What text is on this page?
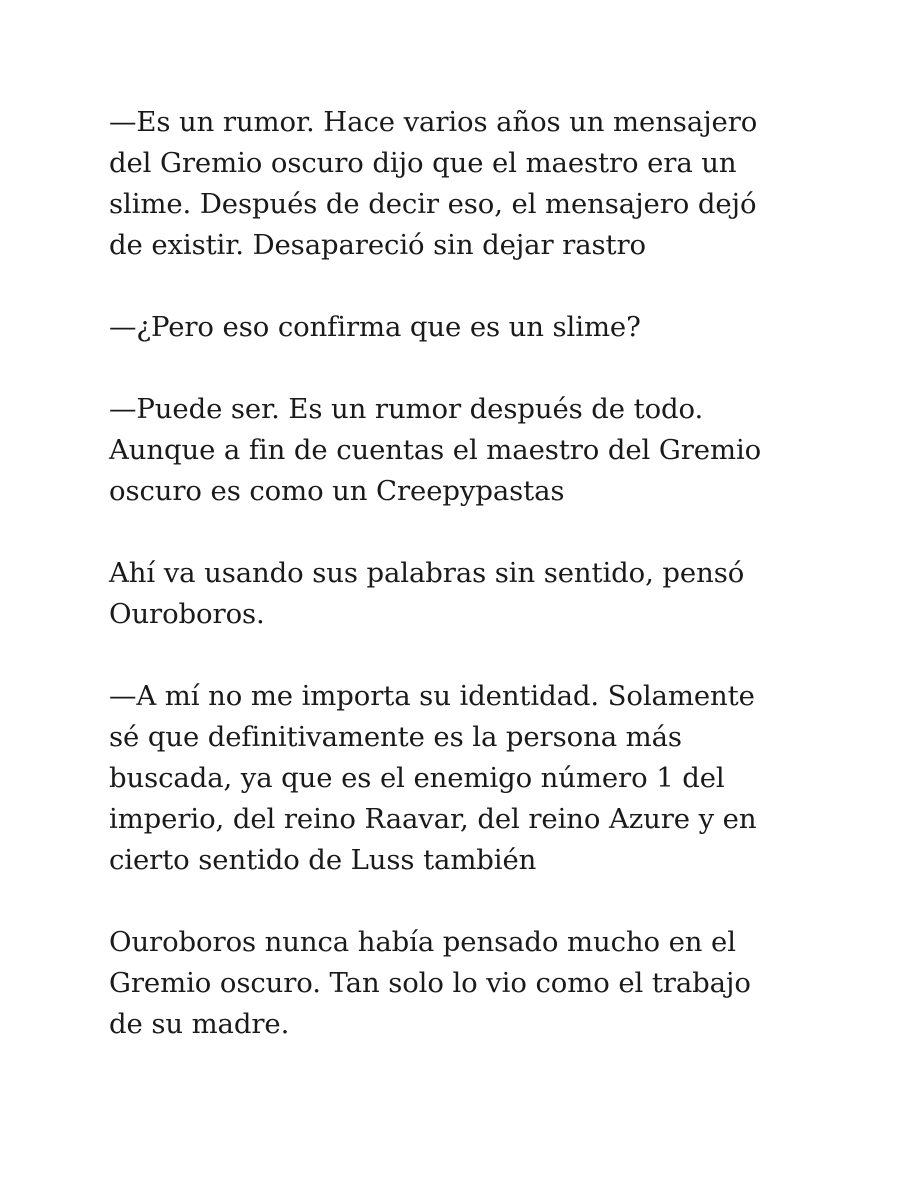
—Es un rumor. Hace varios años un mensajero
del Gremio oscuro dijo que el maestro era un
slime. Después de decir eso, el mensajero dejó
de existir. Desapareció sin dejar rastro

—¿Pero eso confirma que es un slime?

—Puede ser. Es un rumor después de todo.
Aunque a fin de cuentas el maestro del Gremio
oscuro es como un Creepypastas

Ahí va usando sus palabras sin sentido, pensó
Ouroboros.

—A mí no me importa su identidad. Solamente
sé que definitivamente es la persona más
buscada, ya que es el enemigo número 1 del
imperio, del reino Raavar, del reino Azure y en
cierto sentido de Luss también

Ouroboros nunca había pensado mucho en el
Gremio oscuro. Tan solo lo vio como el trabajo
de su madre.
